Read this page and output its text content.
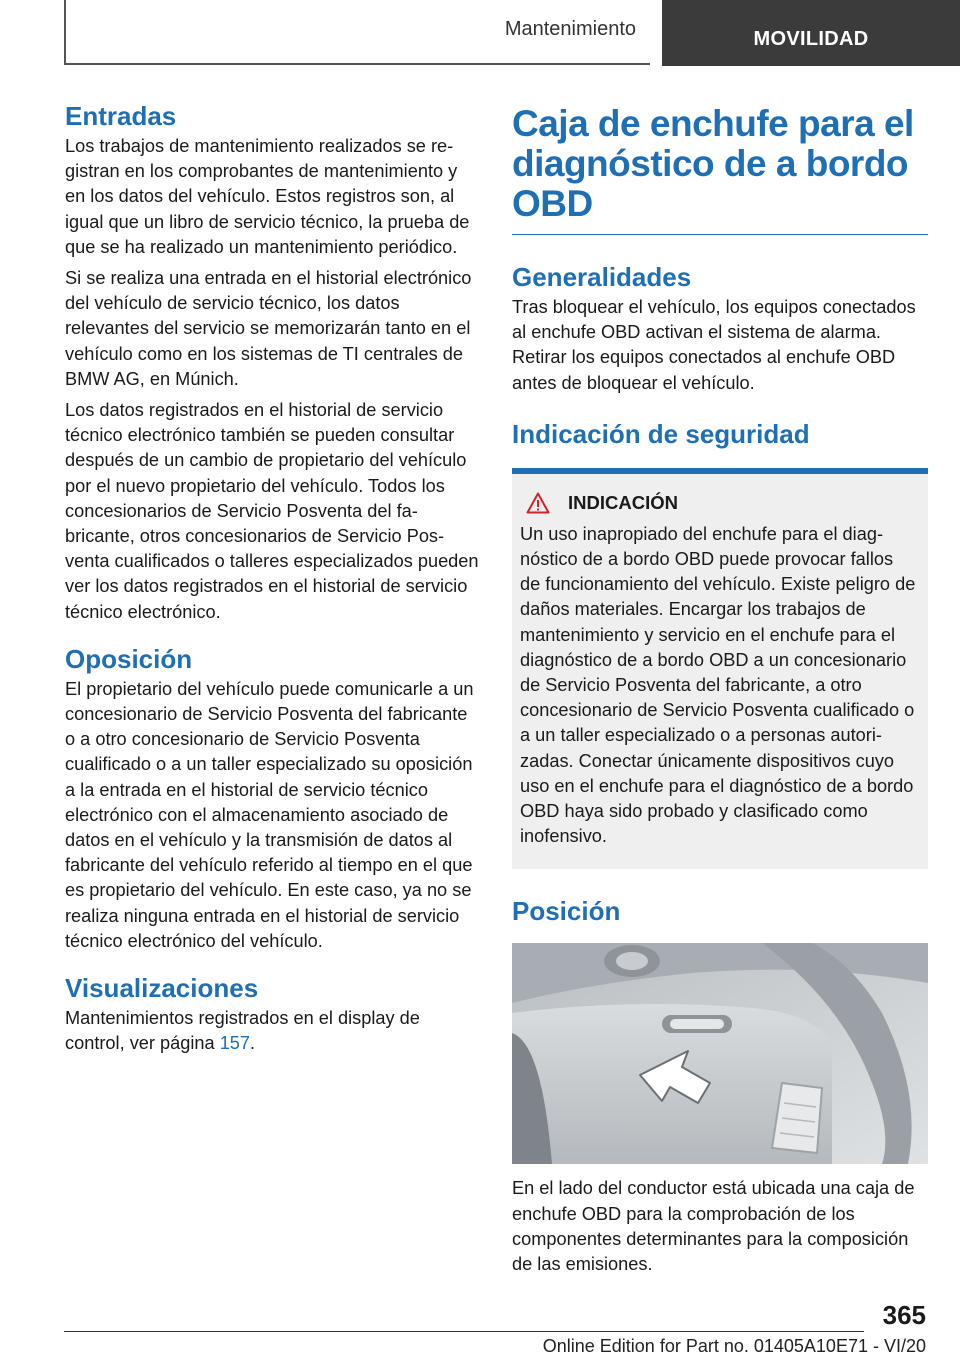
Mantenimiento	MOVILIDAD
Entradas

Los trabajos de mantenimiento realizados se registran en los comprobantes de mantenimiento y en los datos del vehículo. Estos registros son, al igual que un libro de servicio técnico, la prueba de que se ha realizado un mantenimiento periódico.

Si se realiza una entrada en el historial electrónico del vehículo de servicio técnico, los datos relevantes del servicio se memorizarán tanto en el vehículo como en los sistemas de TI centrales de BMW AG, en Múnich.

Los datos registrados en el historial de servicio técnico electrónico también se pueden consultar después de un cambio de propietario del vehículo por el nuevo propietario del vehículo. Todos los concesionarios de Servicio Posventa del fabricante, otros concesionarios de Servicio Posventa cualificados o talleres especializados pueden ver los datos registrados en el historial de servicio técnico electrónico.

Oposición

El propietario del vehículo puede comunicarle a un concesionario de Servicio Posventa del fabricante o a otro concesionario de Servicio Posventa cualificado o a un taller especializado su oposición a la entrada en el historial de servicio técnico electrónico con el almacenamiento asociado de datos en el vehículo y la transmisión de datos al fabricante del vehículo referido al tiempo en el que es propietario del vehículo. En este caso, ya no se realiza ninguna entrada en el historial de servicio técnico electrónico del vehículo.

Visualizaciones

Mantenimientos registrados en el display de control, ver página 157.

Caja de enchufe para el diagnóstico de a bordo OBD
Generalidades

Tras bloquear el vehículo, los equipos conectados al enchufe OBD activan el sistema de alarma. Retirar los equipos conectados al enchufe OBD antes de bloquear el vehículo.

Indicación de seguridad
INDICACIÓN

Un uso inapropiado del enchufe para el diagnóstico de a bordo OBD puede provocar fallos de funcionamiento del vehículo. Existe peligro de daños materiales. Encargar los trabajos de mantenimiento y servicio en el enchufe para el diagnóstico de a bordo OBD a un concesionario de Servicio Posventa del fabricante, a otro concesionario de Servicio Posventa cualificado o a un taller especializado o a personas autorizadas. Conectar únicamente dispositivos cuyo uso en el enchufe para el diagnóstico de a bordo OBD haya sido probado y clasificado como inofensivo.

Posición

En el lado del conductor está ubicada una caja de enchufe OBD para la comprobación de los componentes determinantes para la composición de las emisiones.

365
Online Edition for Part no. 01405A10E71 - VI/20
